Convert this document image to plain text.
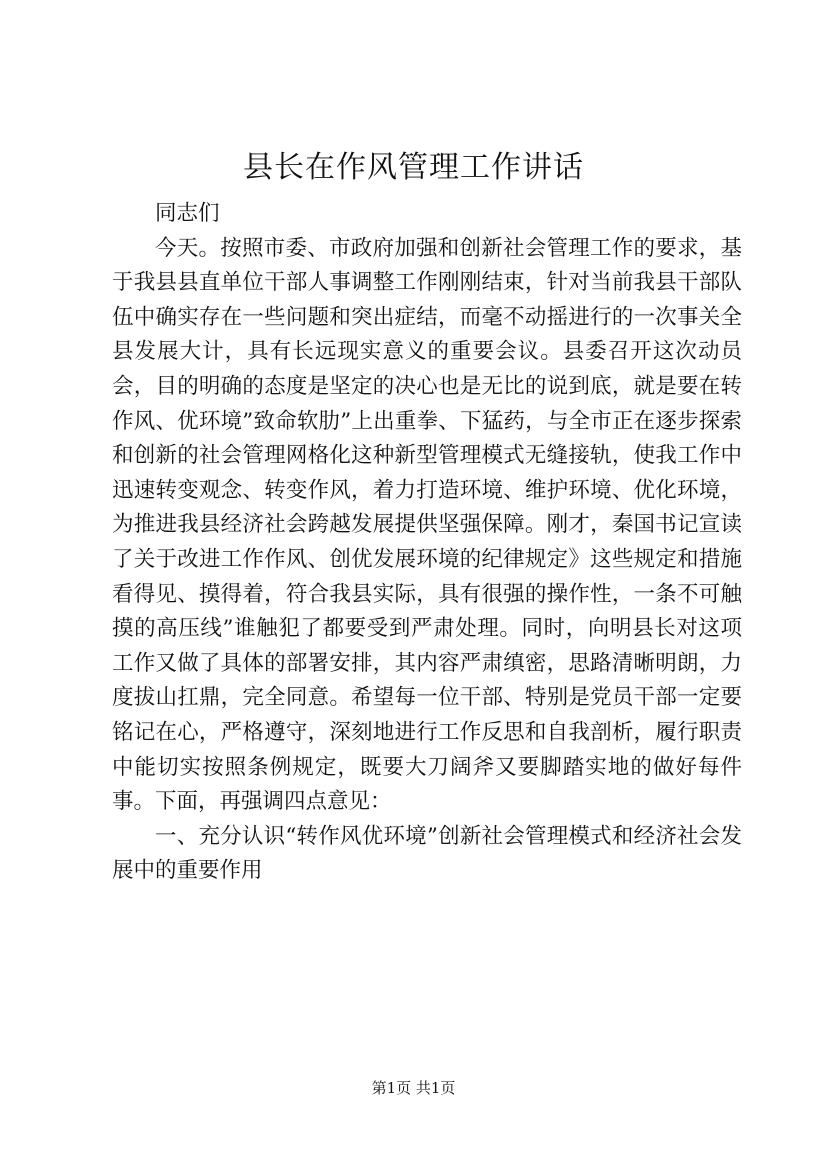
县长在作风管理工作讲话

同志们

今天。按照市委、市政府加强和创新社会管理工作的要求，基于我县县直单位干部人事调整工作刚刚结束，针对当前我县干部队伍中确实存在一些问题和突出症结，而毫不动摇进行的一次事关全县发展大计，具有长远现实意义的重要会议。县委召开这次动员会，目的明确的态度是坚定的决心也是无比的说到底，就是要在转作风、优环境”致命软肋”上出重拳、下猛药，与全市正在逐步探索和创新的社会管理网格化这种新型管理模式无缝接轨，使我工作中迅速转变观念、转变作风，着力打造环境、维护环境、优化环境，为推进我县经济社会跨越发展提供坚强保障。刚才，秦国书记宣读了关于改进工作作风、创优发展环境的纪律规定》这些规定和措施看得见、摸得着，符合我县实际，具有很强的操作性，一条不可触摸的高压线”谁触犯了都要受到严肃处理。同时，向明县长对这项工作又做了具体的部署安排，其内容严肃缜密，思路清晰明朗，力度拔山扛鼎，完全同意。希望每一位干部、特别是党员干部一定要铭记在心，严格遵守，深刻地进行工作反思和自我剖析，履行职责中能切实按照条例规定，既要大刀阔斧又要脚踏实地的做好每件事。下面，再强调四点意见：

一、充分认识“转作风优环境”创新社会管理模式和经济社会发展中的重要作用

第1页 共1页
